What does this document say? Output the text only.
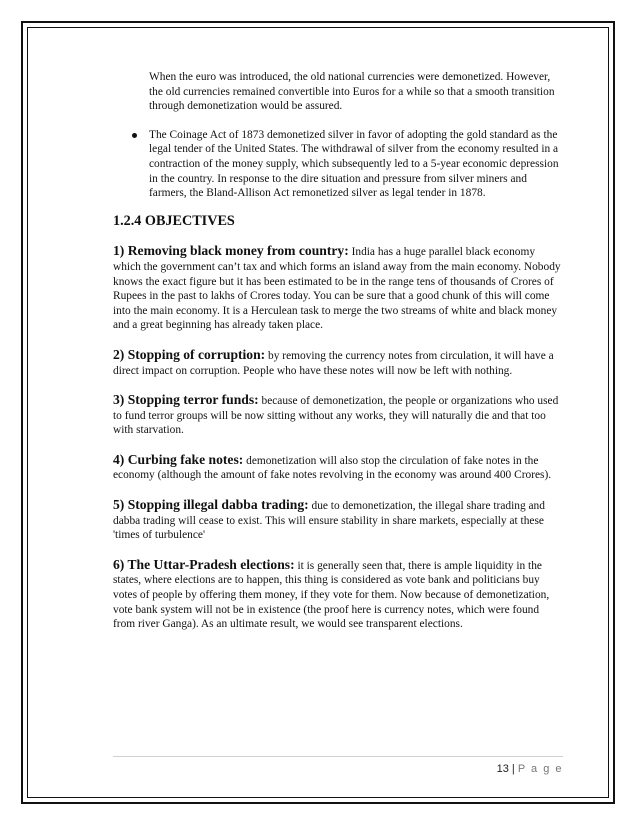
When the euro was introduced, the old national currencies were demonetized. However, the old currencies remained convertible into Euros for a while so that a smooth transition through demonetization would be assured.

The Coinage Act of 1873 demonetized silver in favor of adopting the gold standard as the legal tender of the United States. The withdrawal of silver from the economy resulted in a contraction of the money supply, which subsequently led to a 5-year economic depression in the country. In response to the dire situation and pressure from silver miners and farmers, the Bland-Allison Act remonetized silver as legal tender in 1878.
1.2.4 OBJECTIVES

1) Removing black money from country: India has a huge parallel black economy which the government can’t tax and which forms an island away from the main economy. Nobody knows the exact figure but it has been estimated to be in the range tens of thousands of Crores of Rupees in the past to lakhs of Crores today. You can be sure that a good chunk of this will come into the main economy. It is a Herculean task to merge the two streams of white and black money and a great beginning has already taken place.

2) Stopping of corruption: by removing the currency notes from circulation, it will have a direct impact on corruption. People who have these notes will now be left with nothing.

3) Stopping terror funds: because of demonetization, the people or organizations who used to fund terror groups will be now sitting without any works, they will naturally die and that too with starvation.

4) Curbing fake notes: demonetization will also stop the circulation of fake notes in the economy (although the amount of fake notes revolving in the economy was around 400 Crores).

5) Stopping illegal dabba trading: due to demonetization, the illegal share trading and dabba trading will cease to exist. This will ensure stability in share markets, especially at these 'times of turbulence'

6) The Uttar-Pradesh elections: it is generally seen that, there is ample liquidity in the states, where elections are to happen, this thing is considered as vote bank and politicians buy votes of people by offering them money, if they vote for them. Now because of demonetization, vote bank system will not be in existence (the proof here is currency notes, which were found from river Ganga). As an ultimate result, we would see transparent elections.

13 | P a g e
